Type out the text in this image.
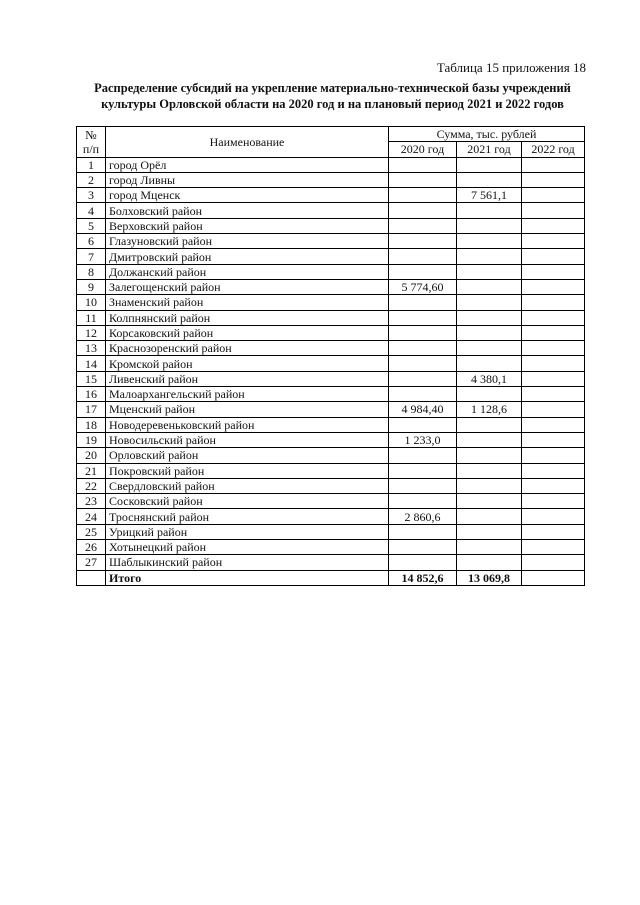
Таблица 15 приложения 18
Распределение субсидий на укрепление материально-технической базы учреждений культуры Орловской области на 2020 год и на плановый период 2021 и 2022 годов
№
п/п	Наименование	Сумма, тыс. рублей		
		2020 год	2021 год	2022 год
1	город Орёл			
2	город Ливны			
3	город Мценск		7 561,1	
4	Болховский район			
5	Верховский район			
6	Глазуновский район			
7	Дмитровский район			
8	Должанский район			
9	Залегощенский район	5 774,60		
10	Знаменский район			
11	Колпнянский район			
12	Корсаковский район			
13	Краснозоренский район			
14	Кромской район			
15	Ливенский район		4 380,1	
16	Малоархангельский район			
17	Мценский район	4 984,40	1 128,6	
18	Новодеревеньковский район			
19	Новосильский район	1 233,0		
20	Орловский район			
21	Покровский район			
22	Свердловский район			
23	Сосковский район			
24	Троснянский район	2 860,6		
25	Урицкий район			
26	Хотынецкий район			
27	Шаблыкинский район			
	Итого	14 852,6	13 069,8	
